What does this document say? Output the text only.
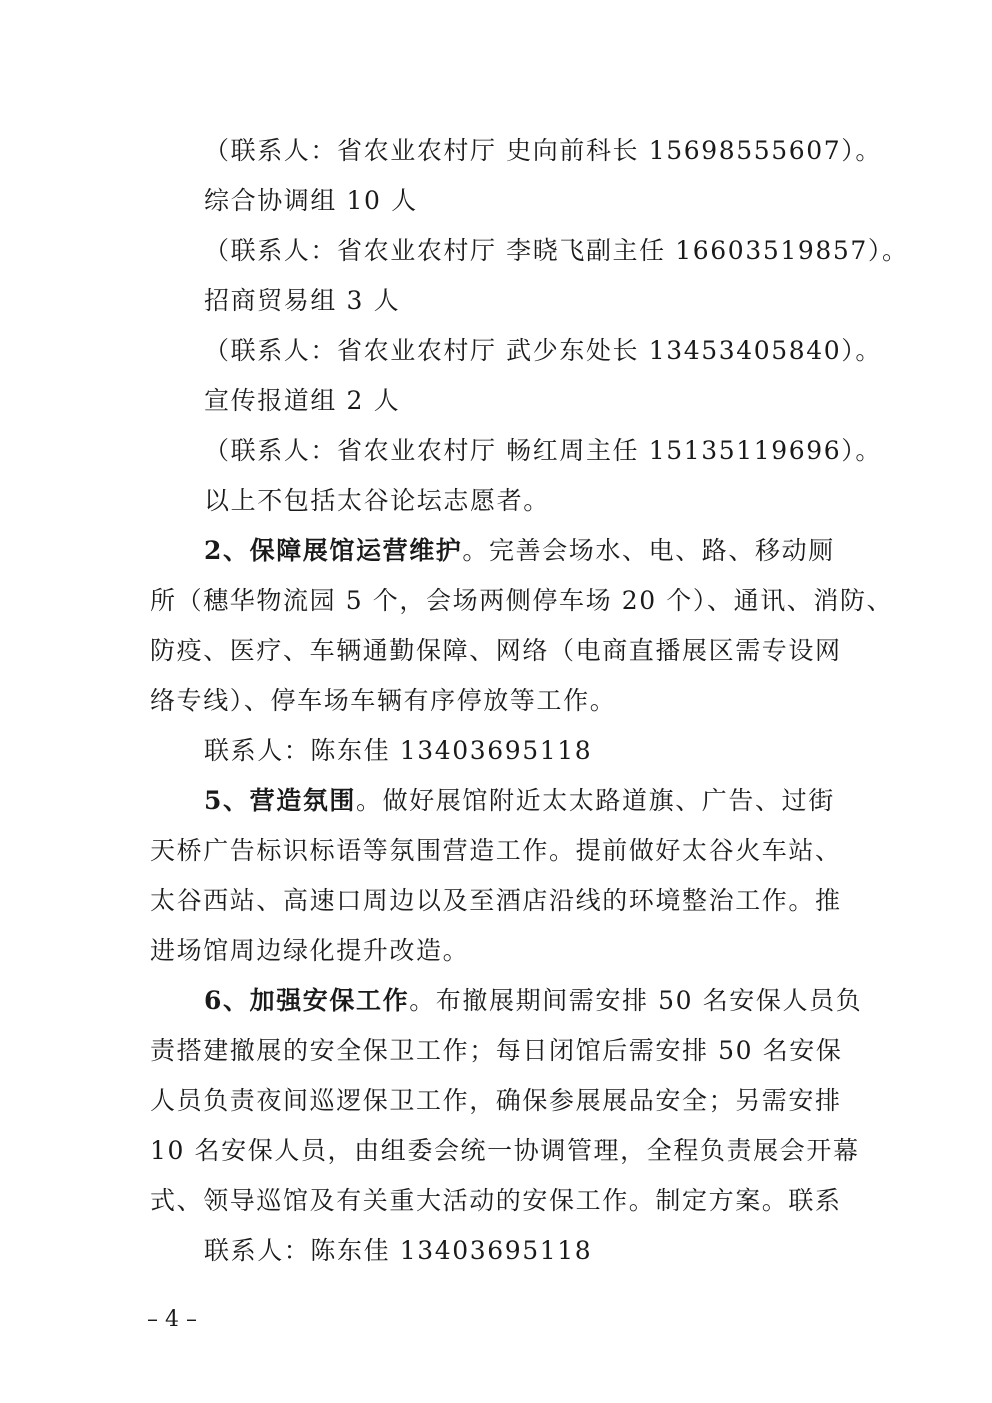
（联系人：省农业农村厅 史向前科长 15698555607）。

综合协调组 10 人

（联系人：省农业农村厅 李晓飞副主任 16603519857）。

招商贸易组 3 人

（联系人：省农业农村厅 武少东处长 13453405840）。

宣传报道组 2 人

（联系人：省农业农村厅 畅红周主任 15135119696）。

以上不包括太谷论坛志愿者。

2、保障展馆运营维护。完善会场水、电、路、移动厕

所（穗华物流园 5 个，会场两侧停车场 20 个）、通讯、消防、

防疫、医疗、车辆通勤保障、网络（电商直播展区需专设网

络专线）、停车场车辆有序停放等工作。

联系人：陈东佳 13403695118

5、营造氛围。做好展馆附近太太路道旗、广告、过街

天桥广告标识标语等氛围营造工作。提前做好太谷火车站、

太谷西站、高速口周边以及至酒店沿线的环境整治工作。推

进场馆周边绿化提升改造。

6、加强安保工作。布撤展期间需安排 50 名安保人员负

责搭建撤展的安全保卫工作；每日闭馆后需安排 50 名安保

人员负责夜间巡逻保卫工作，确保参展展品安全；另需安排

10 名安保人员，由组委会统一协调管理，全程负责展会开幕

式、领导巡馆及有关重大活动的安保工作。制定方案。联系

联系人：陈东佳 13403695118

– 4 –
